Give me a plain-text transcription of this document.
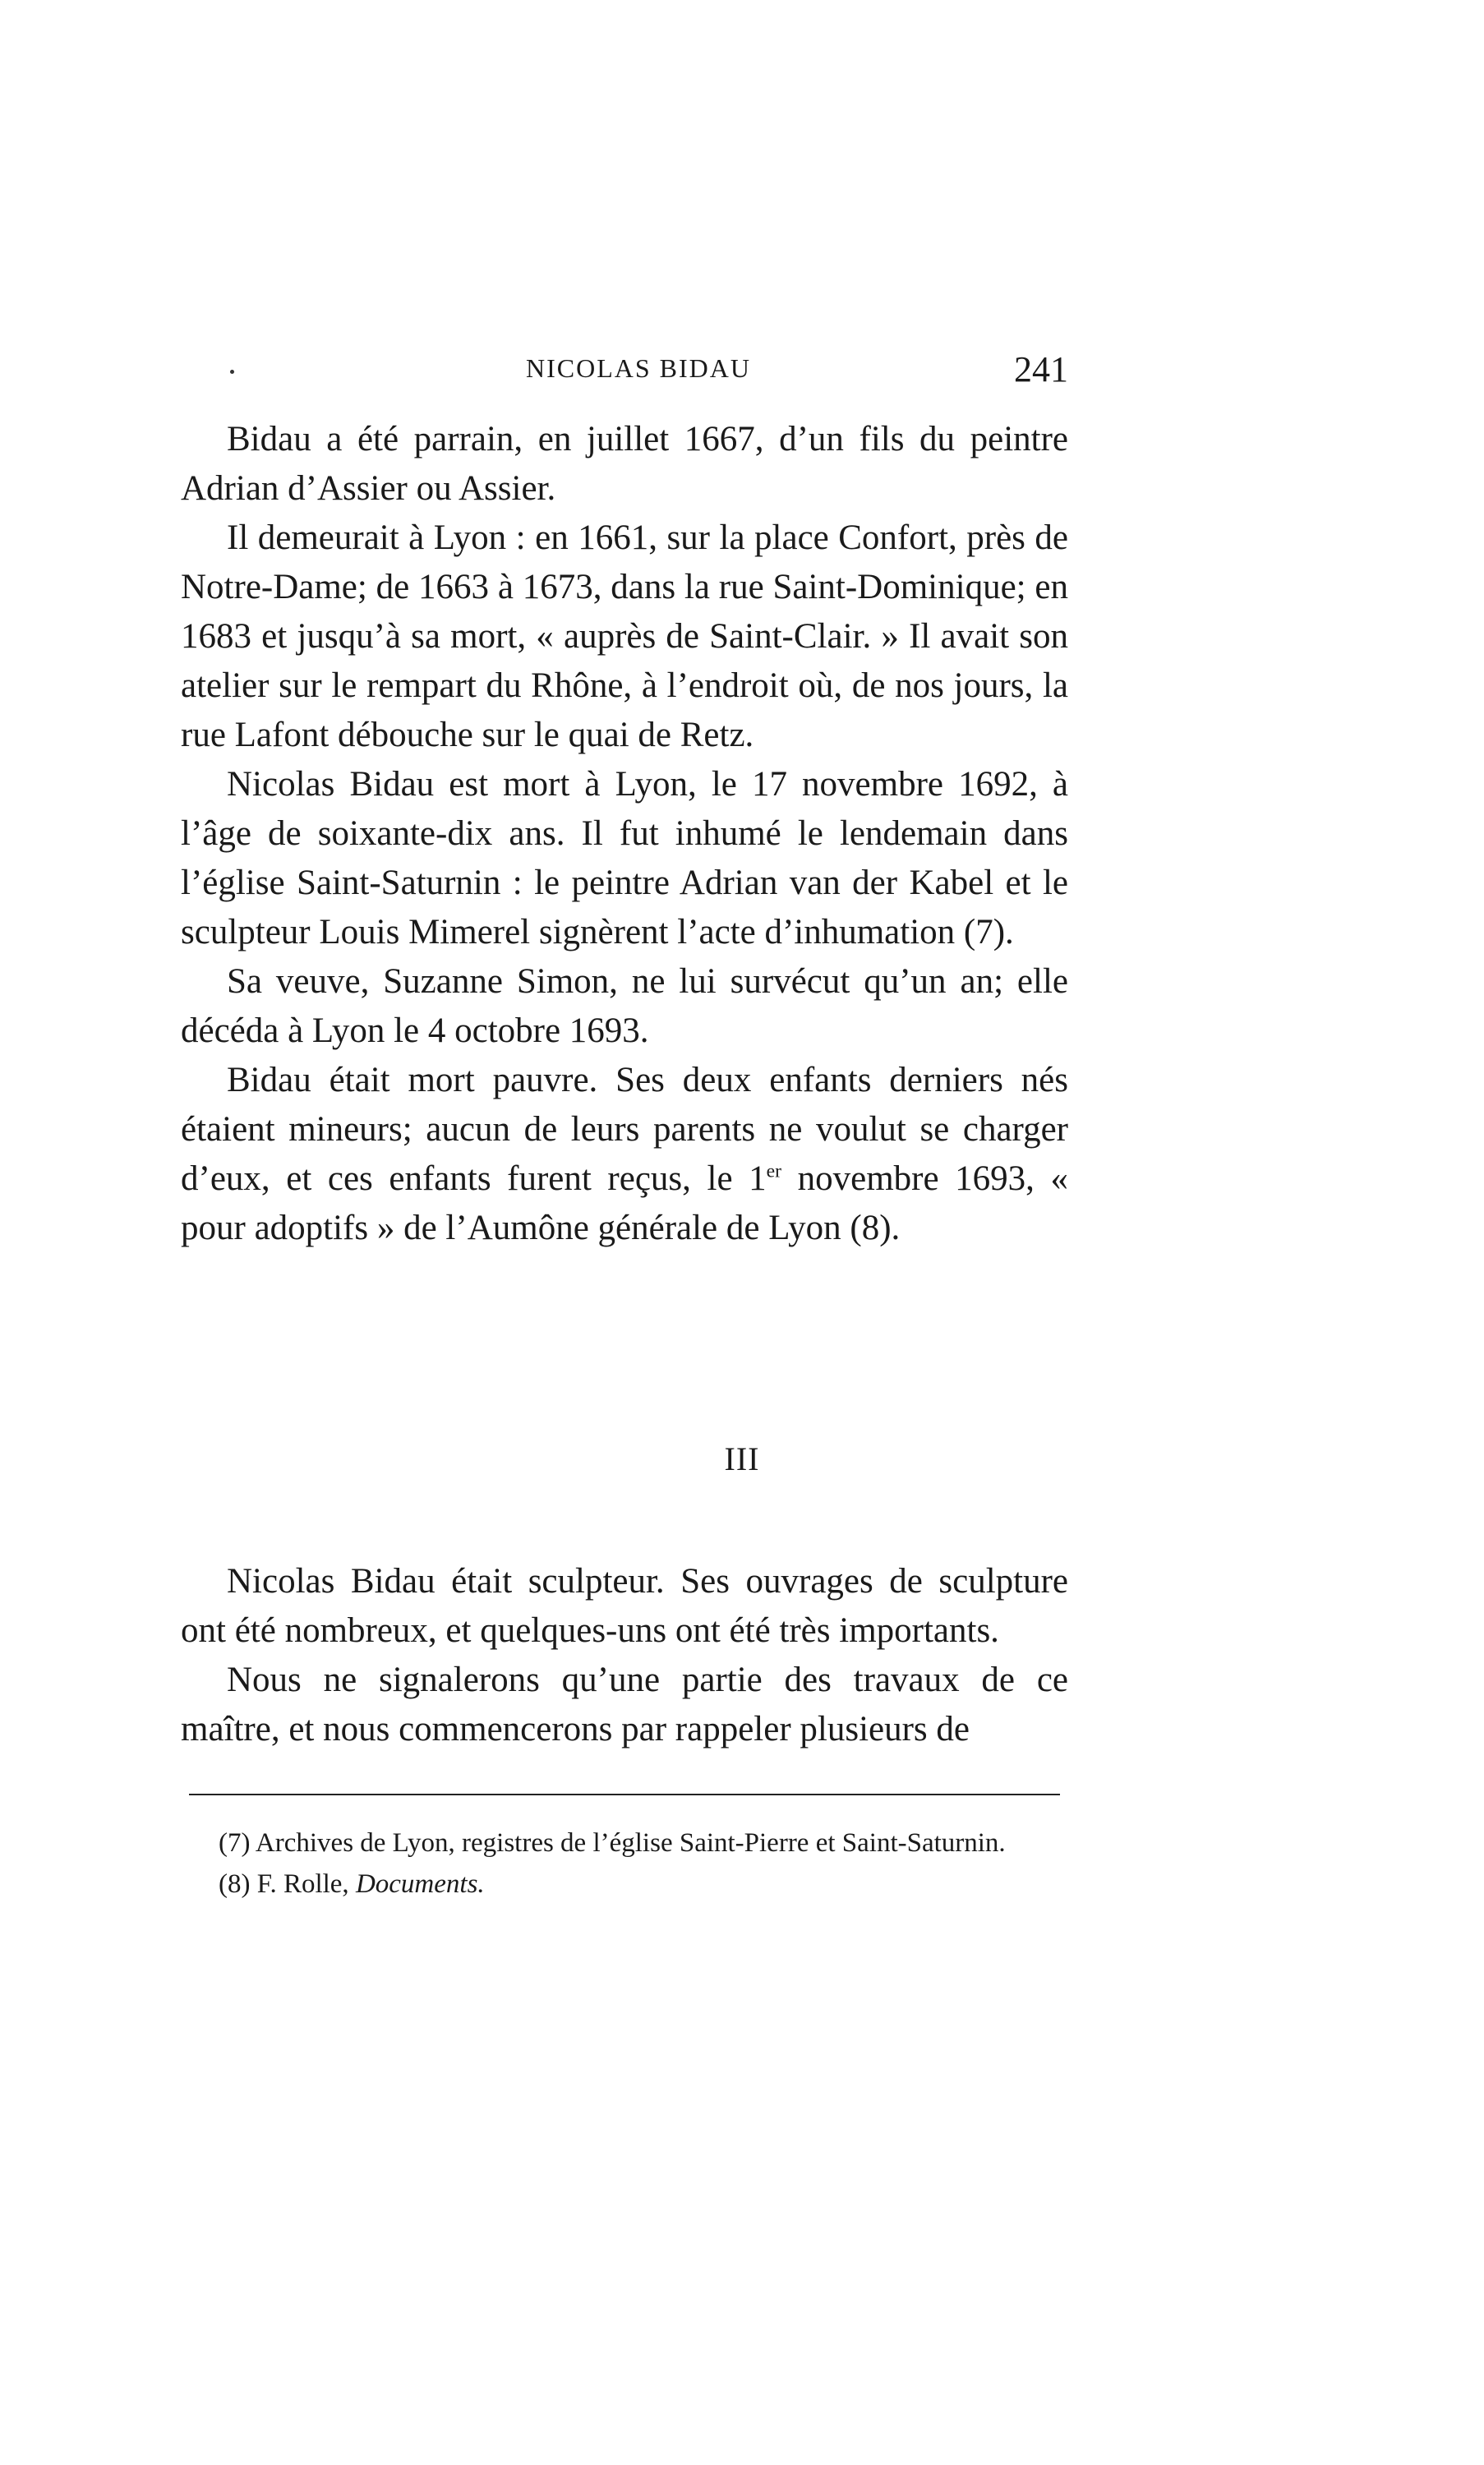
NICOLAS BIDAU	241

Bidau a été parrain, en juillet 1667, d’un fils du peintre Adrian d’Assier ou Assier.

Il demeurait à Lyon : en 1661, sur la place Confort, près de Notre-Dame; de 1663 à 1673, dans la rue Saint-Dominique; en 1683 et jusqu’à sa mort, « auprès de Saint-Clair. » Il avait son atelier sur le rempart du Rhône, à l’endroit où, de nos jours, la rue Lafont débouche sur le quai de Retz.

Nicolas Bidau est mort à Lyon, le 17 novembre 1692, à l’âge de soixante-dix ans. Il fut inhumé le lendemain dans l’église Saint-Saturnin : le peintre Adrian van der Kabel et le sculpteur Louis Mimerel signèrent l’acte d’inhumation (7).

Sa veuve, Suzanne Simon, ne lui survécut qu’un an; elle décéda à Lyon le 4 octobre 1693.

Bidau était mort pauvre. Ses deux enfants derniers nés étaient mineurs; aucun de leurs parents ne voulut se charger d’eux, et ces enfants furent reçus, le 1er novembre 1693, « pour adoptifs » de l’Aumône générale de Lyon (8).

III

Nicolas Bidau était sculpteur. Ses ouvrages de sculpture ont été nombreux, et quelques-uns ont été très importants.

Nous ne signalerons qu’une partie des travaux de ce maître, et nous commencerons par rappeler plusieurs de

(7) Archives de Lyon, registres de l’église Saint-Pierre et Saint-Saturnin.

(8) F. Rolle, Documents.
